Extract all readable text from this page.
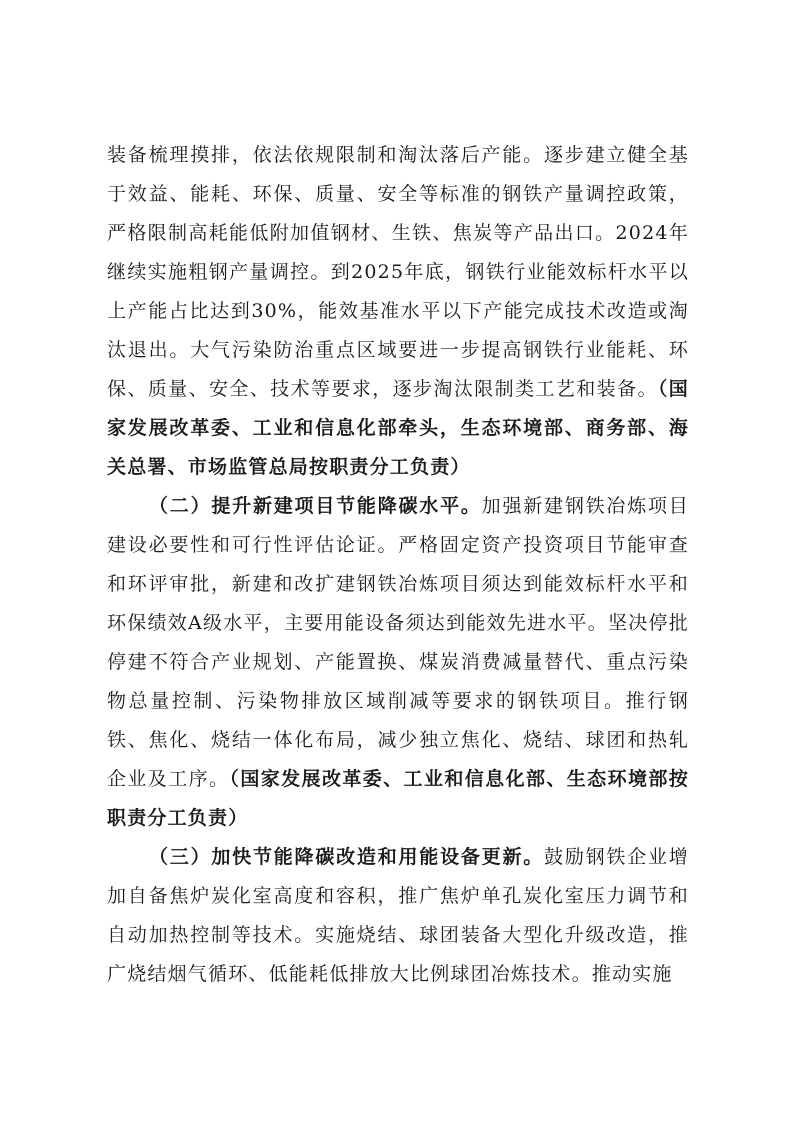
装备梳理摸排，依法依规限制和淘汰落后产能。逐步建立健全基于效益、能耗、环保、质量、安全等标准的钢铁产量调控政策，严格限制高耗能低附加值钢材、生铁、焦炭等产品出口。2024年继续实施粗钢产量调控。到2025年底，钢铁行业能效标杆水平以上产能占比达到30%，能效基准水平以下产能完成技术改造或淘汰退出。大气污染防治重点区域要进一步提高钢铁行业能耗、环保、质量、安全、技术等要求，逐步淘汰限制类工艺和装备。（国家发展改革委、工业和信息化部牵头，生态环境部、商务部、海关总署、市场监管总局按职责分工负责）

（二）提升新建项目节能降碳水平。加强新建钢铁冶炼项目建设必要性和可行性评估论证。严格固定资产投资项目节能审查和环评审批，新建和改扩建钢铁冶炼项目须达到能效标杆水平和环保绩效A级水平，主要用能设备须达到能效先进水平。坚决停批停建不符合产业规划、产能置换、煤炭消费减量替代、重点污染物总量控制、污染物排放区域削减等要求的钢铁项目。推行钢铁、焦化、烧结一体化布局，减少独立焦化、烧结、球团和热轧企业及工序。（国家发展改革委、工业和信息化部、生态环境部按职责分工负责）

（三）加快节能降碳改造和用能设备更新。鼓励钢铁企业增加自备焦炉炭化室高度和容积，推广焦炉单孔炭化室压力调节和自动加热控制等技术。实施烧结、球团装备大型化升级改造，推广烧结烟气循环、低能耗低排放大比例球团冶炼技术。推动实施
